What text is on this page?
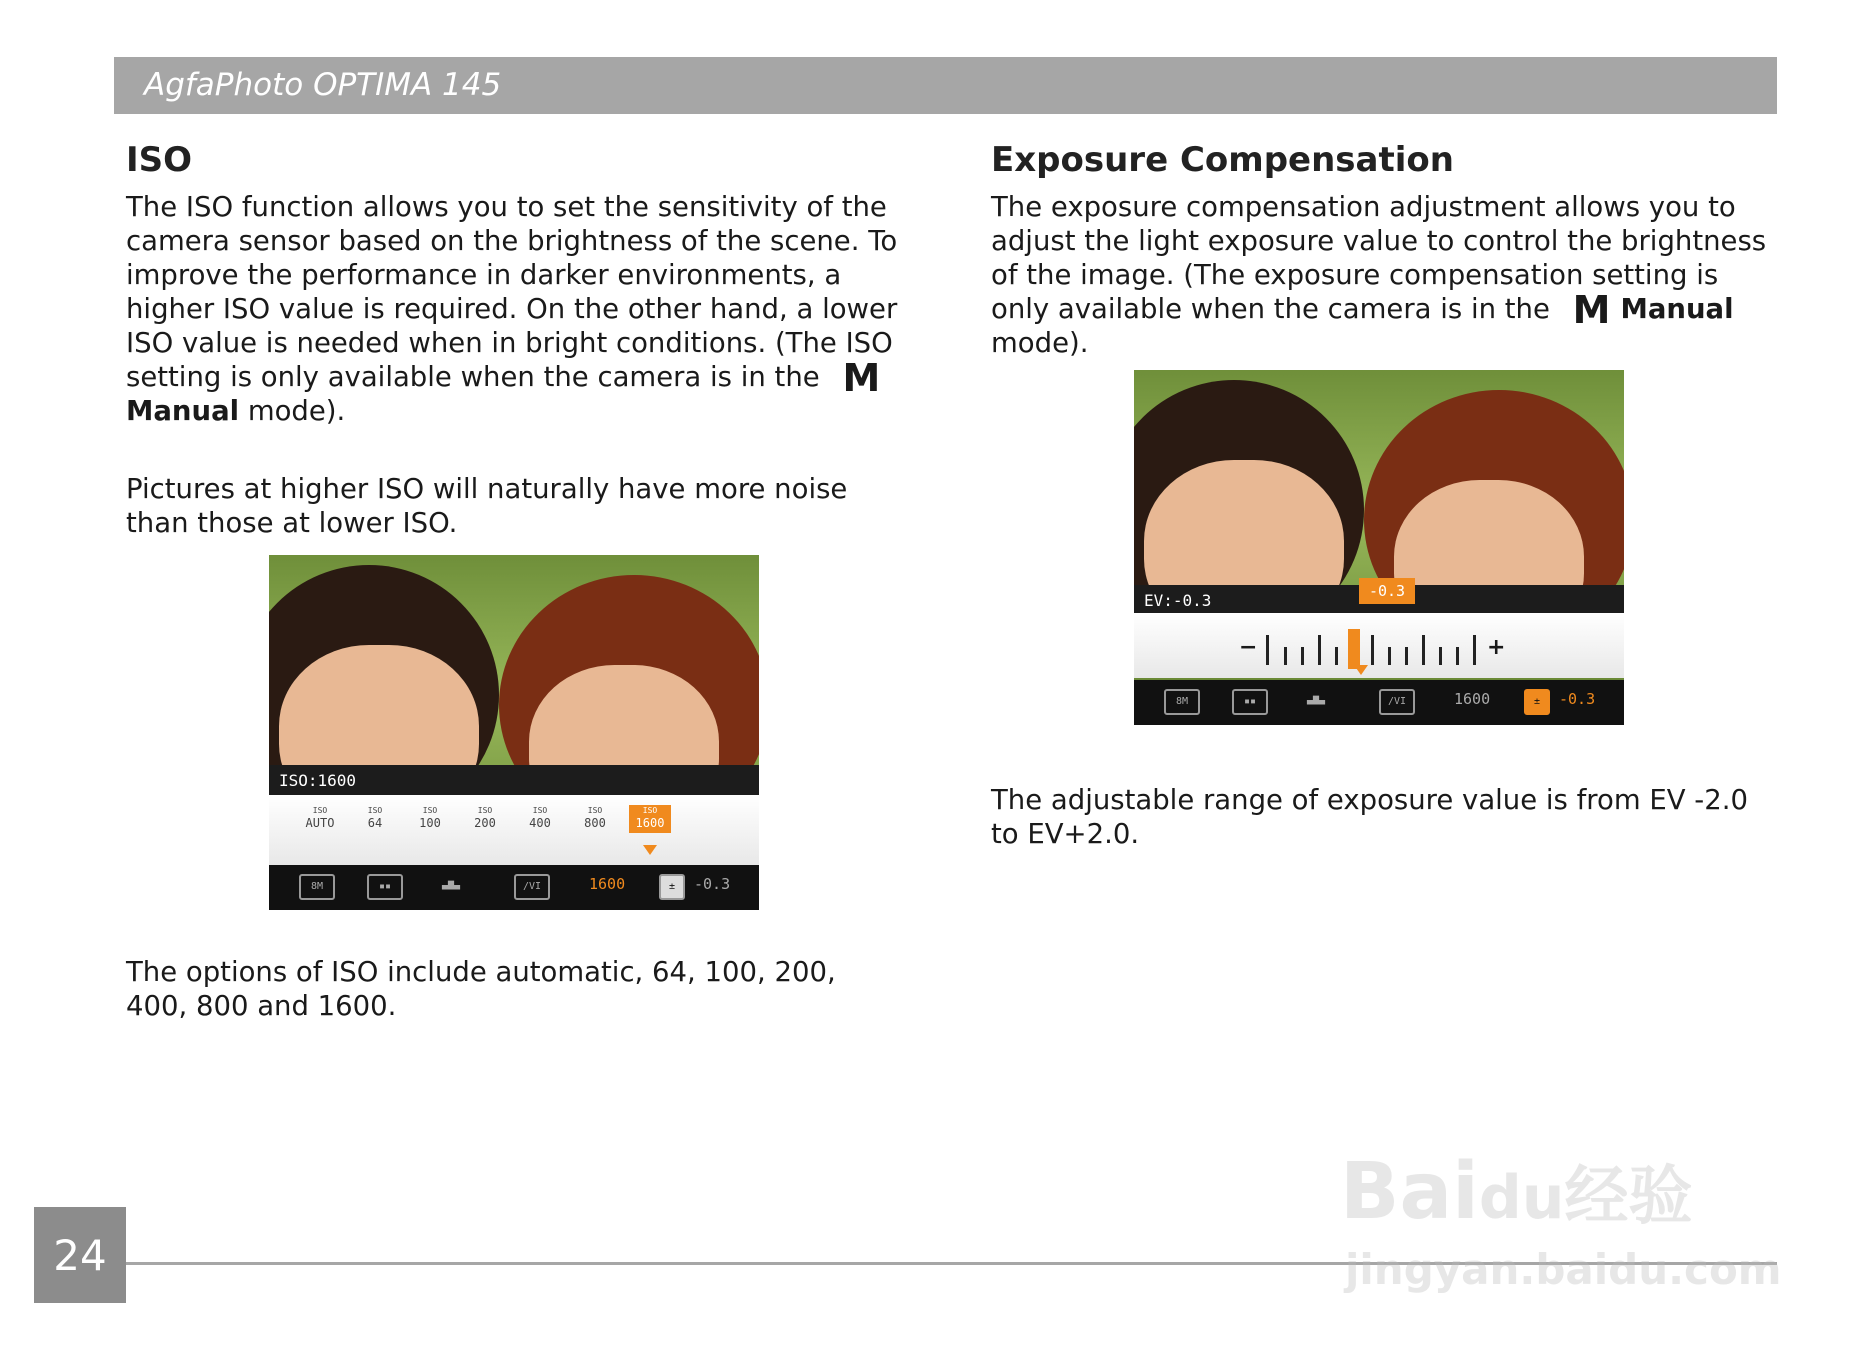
AgfaPhoto OPTIMA 145
ISO

The ISO function allows you to set the sensitivity of the camera sensor based on the brightness of the scene. To improve the performance in darker environments, a higher ISO value is required. On the other hand, a lower ISO value is needed when in bright conditions. (The ISO setting is only available when the camera is in the MManual mode).

Pictures at higher ISO will naturally have more noise than those at lower ISO.

ISO:1600
ISO
AUTO
ISO
64
ISO
100
ISO
200
ISO
400
ISO
800
ISO
1600
8M	▪▪	▃▆▃	/VI	1600	±	-0.3

The options of ISO include automatic, 64, 100, 200, 400, 800 and 1600.

Exposure Compensation

The exposure compensation adjustment allows you to adjust the light exposure value to control the brightness of the image. (The exposure compensation setting is only available when the camera is in the M Manual mode).

EV:-0.3	-0.3
−	+
8M	▪▪	▃▆▃	/VI	1600	±	-0.3

The adjustable range of exposure value is from EV -2.0 to EV+2.0.

24
Baidu经验
jingyan.baidu.com
